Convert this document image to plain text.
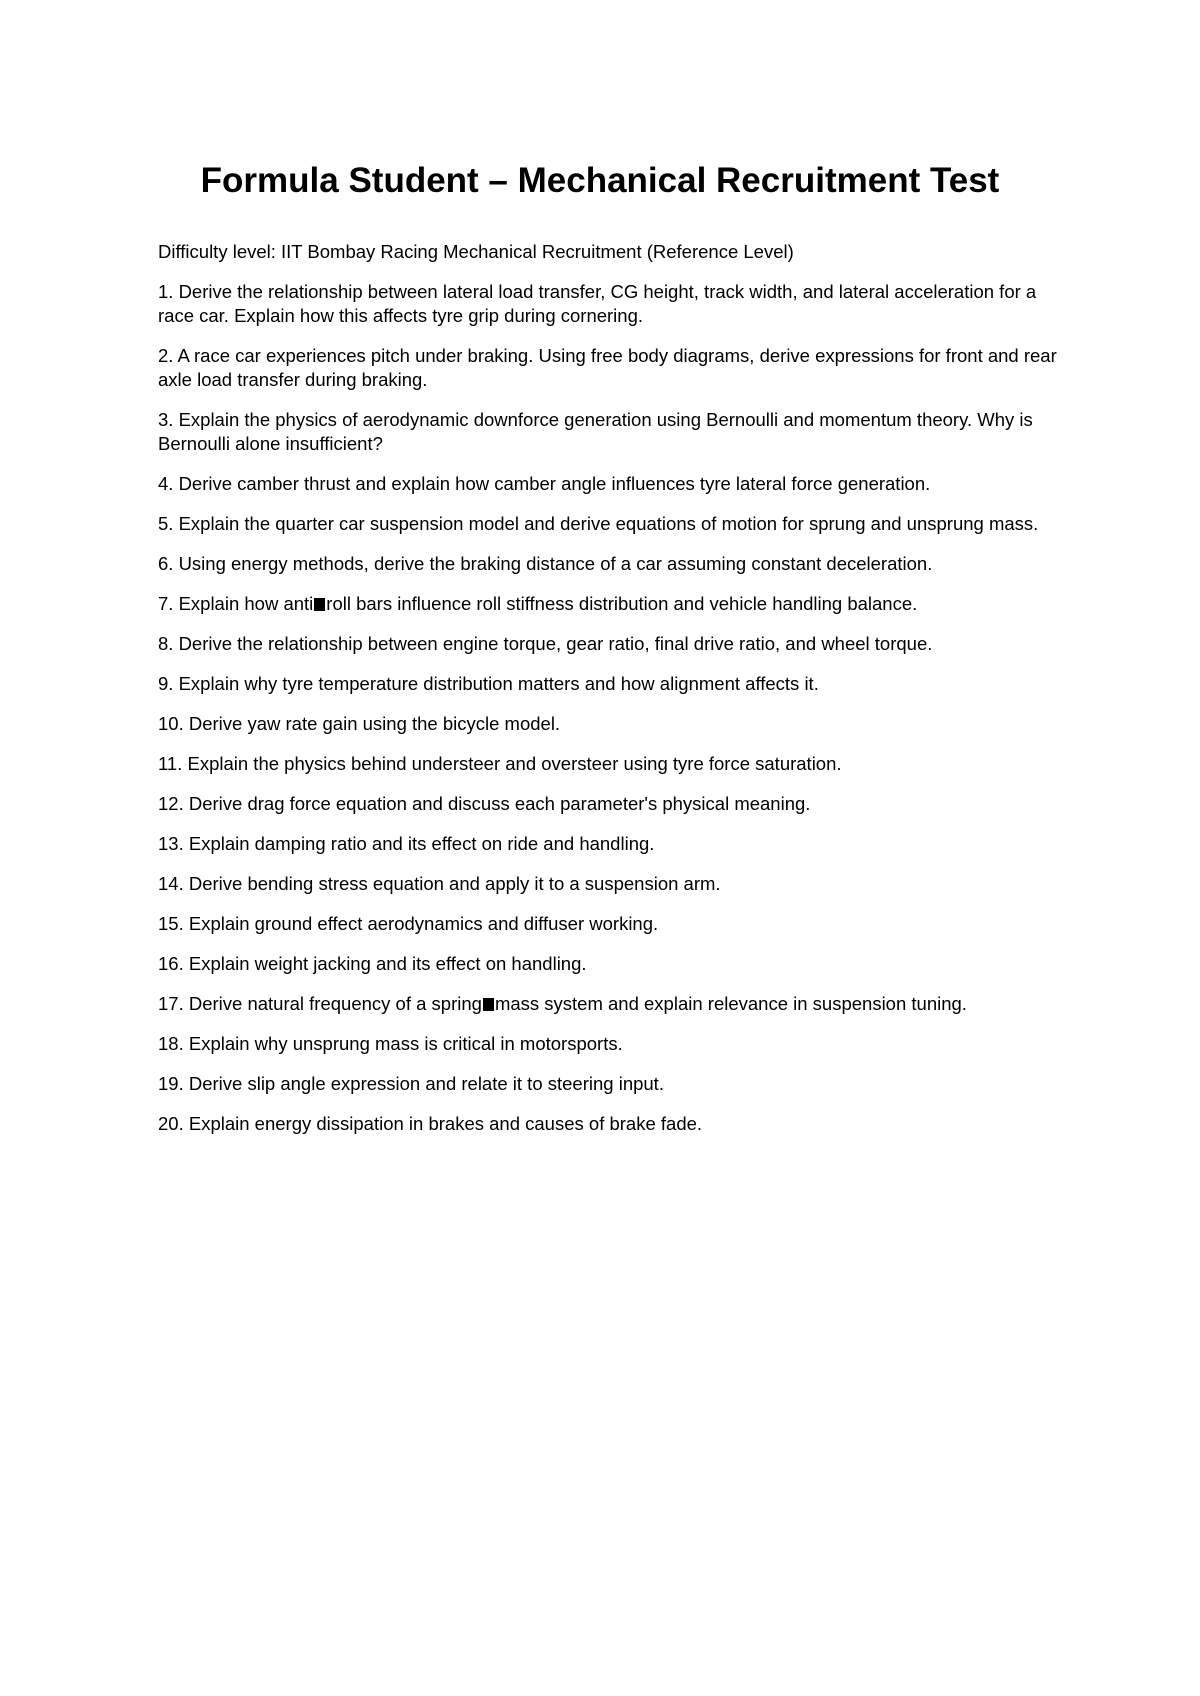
Formula Student – Mechanical Recruitment Test

Difficulty level: IIT Bombay Racing Mechanical Recruitment (Reference Level)

1. Derive the relationship between lateral load transfer, CG height, track width, and lateral acceleration for a race car. Explain how this affects tyre grip during cornering.
2. A race car experiences pitch under braking. Using free body diagrams, derive expressions for front and rear axle load transfer during braking.
3. Explain the physics of aerodynamic downforce generation using Bernoulli and momentum theory. Why is Bernoulli alone insufficient?
4. Derive camber thrust and explain how camber angle influences tyre lateral force generation.
5. Explain the quarter car suspension model and derive equations of motion for sprung and unsprung mass.
6. Using energy methods, derive the braking distance of a car assuming constant deceleration.
7. Explain how anti roll bars influence roll stiffness distribution and vehicle handling balance.
8. Derive the relationship between engine torque, gear ratio, final drive ratio, and wheel torque.
9. Explain why tyre temperature distribution matters and how alignment affects it.
10. Derive yaw rate gain using the bicycle model.
11. Explain the physics behind understeer and oversteer using tyre force saturation.
12. Derive drag force equation and discuss each parameter's physical meaning.
13. Explain damping ratio and its effect on ride and handling.
14. Derive bending stress equation and apply it to a suspension arm.
15. Explain ground effect aerodynamics and diffuser working.
16. Explain weight jacking and its effect on handling.
17. Derive natural frequency of a spring mass system and explain relevance in suspension tuning.
18. Explain why unsprung mass is critical in motorsports.
19. Derive slip angle expression and relate it to steering input.
20. Explain energy dissipation in brakes and causes of brake fade.
